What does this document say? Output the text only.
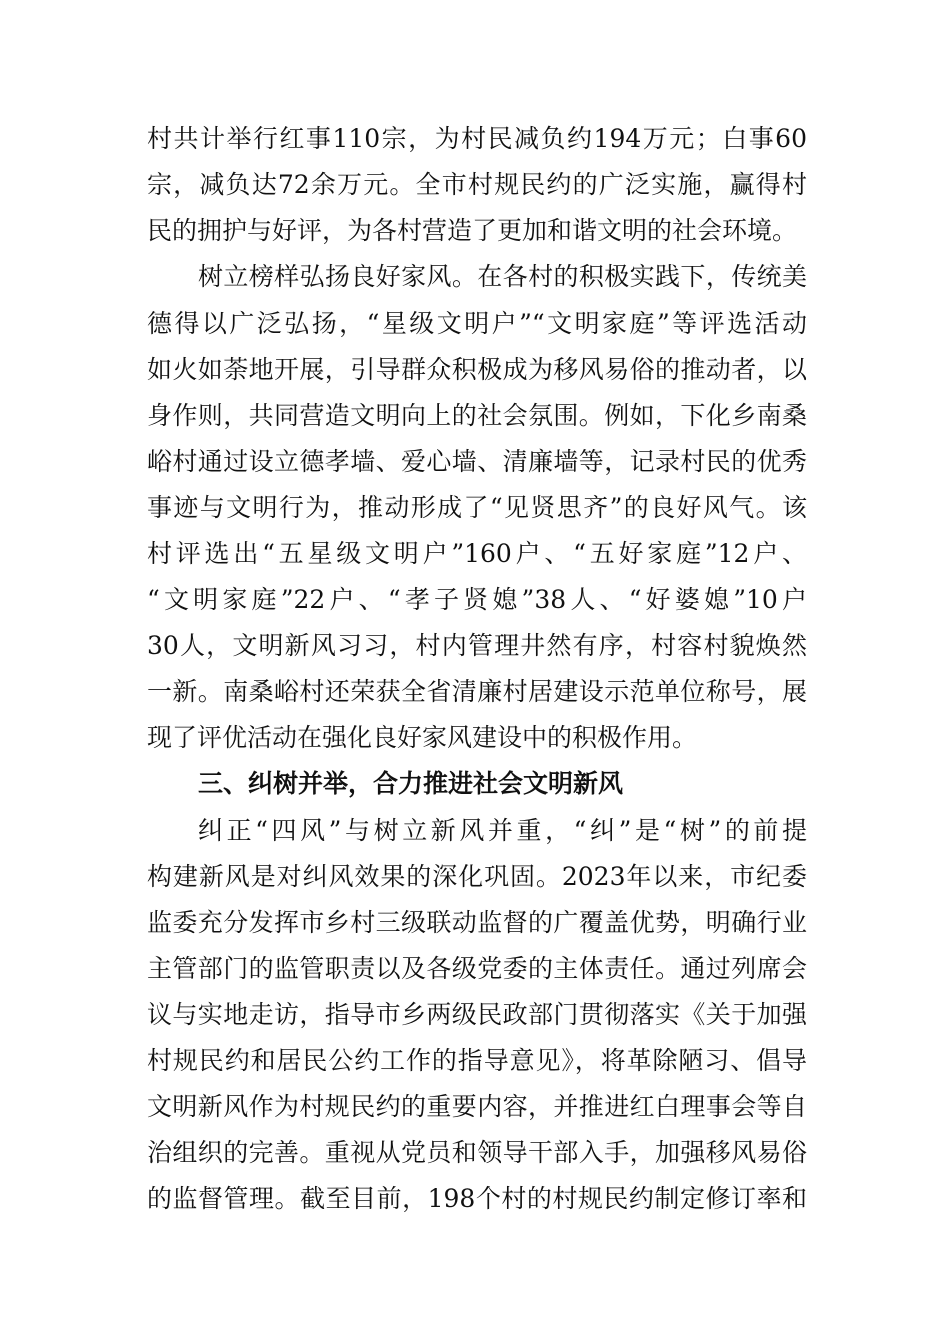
村共计举行红事110宗，为村民减负约194万元；白事60
宗，减负达72余万元。全市村规民约的广泛实施，赢得村
民的拥护与好评，为各村营造了更加和谐文明的社会环境。
树立榜样弘扬良好家风。在各村的积极实践下，传统美
德得以广泛弘扬，“星级文明户”“文明家庭”等评选活动
如火如荼地开展，引导群众积极成为移风易俗的推动者，以
身作则，共同营造文明向上的社会氛围。例如，下化乡南桑
峪村通过设立德孝墙、爱心墙、清廉墙等，记录村民的优秀
事迹与文明行为，推动形成了“见贤思齐”的良好风气。该
村评选出“五星级文明户”160户、“五好家庭”12户、
“文明家庭”22户、“孝子贤媳”38人、“好婆媳”10户
30人，文明新风习习，村内管理井然有序，村容村貌焕然
一新。南桑峪村还荣获全省清廉村居建设示范单位称号，展
现了评优活动在强化良好家风建设中的积极作用。
三、纠树并举，合力推进社会文明新风
纠正“四风”与树立新风并重，“纠”是“树”的前提
构建新风是对纠风效果的深化巩固。2023年以来，市纪委
监委充分发挥市乡村三级联动监督的广覆盖优势，明确行业
主管部门的监管职责以及各级党委的主体责任。通过列席会
议与实地走访，指导市乡两级民政部门贯彻落实《关于加强
村规民约和居民公约工作的指导意见》，将革除陋习、倡导
文明新风作为村规民约的重要内容，并推进红白理事会等自
治组织的完善。重视从党员和领导干部入手，加强移风易俗
的监督管理。截至目前，198个村的村规民约制定修订率和
